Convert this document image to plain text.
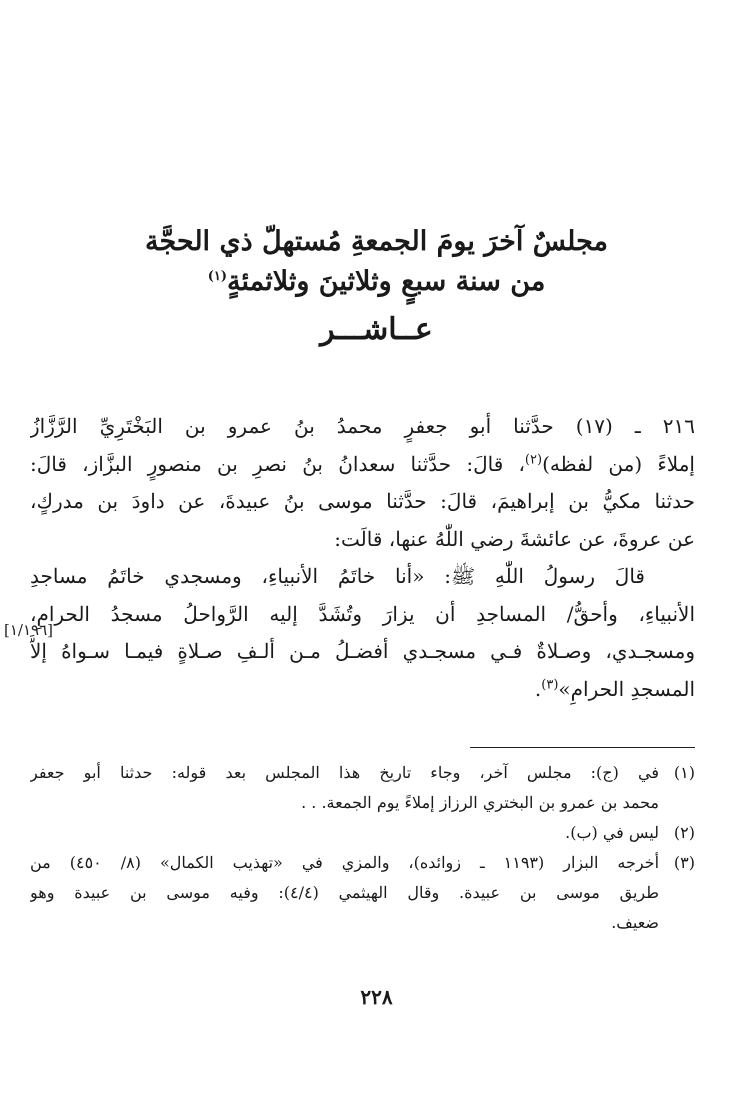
مجلسٌ آخرَ يومَ الجمعةِ مُستهلّ ذي الحجَّة
من سنة سبعٍ وثلاثينَ وثلاثمئةٍ$^{(١)}$
عــاشـــر
٢١٦ ـ (١٧) حدَّثنا أبو جعفرٍ محمدُ بنُ عمرو بن البَخْتَرِيِّ الرَّزَّازُ
إملاءً (من لفظه)$^{(٢)}$، قالَ: حدَّثنا سعدانُ بنُ نصرِ بن منصورٍ البزَّاز، قالَ:
حدثنا مكيُّ بن إبراهيمَ، قالَ: حدَّثنا موسى بنُ عبيدةَ، عن داودَ بن مدركٍ،
عن عروةَ، عن عائشةَ رضي اللّٰهُ عنها، قالَت:
قالَ رسولُ اللّٰهِ ﷺ: «أنا خاتَمُ الأنبياءِ، ومسجدي خاتَمُ مساجدِ
الأنبياءِ، وأحقُّ/ المساجدِ أن يزارَ وتُشَدَّ إليه الرَّواحلُ مسجدُ الحرامِ،
ومسجـدي، وصـلاةٌ فـي مسجـدي أفضـلُ مـن ألـفِ صـلاةٍ فيمـا سـواهُ إلاَّ
المسجدِ الحرامِ»$^{(٣)}$.
[١/١٩٦]
(١)
في (ج): مجلس آخر، وجاء تاريخ هذا المجلس بعد قوله: حدثنا أبو جعفر
محمد بن عمرو بن البختري الرزاز إملاءً يوم الجمعة. . .
(٢)
ليس في (ب).
(٣)
أخرجه البزار (١١٩٣ ـ زوائده)، والمزي في «تهذيب الكمال» (٨/ ٤٥٠) من
طريق موسى بن عبيدة. وقال الهيثمي (٤/٤): وفيه موسى بن عبيدة وهو
ضعيف.
٢٢٨
